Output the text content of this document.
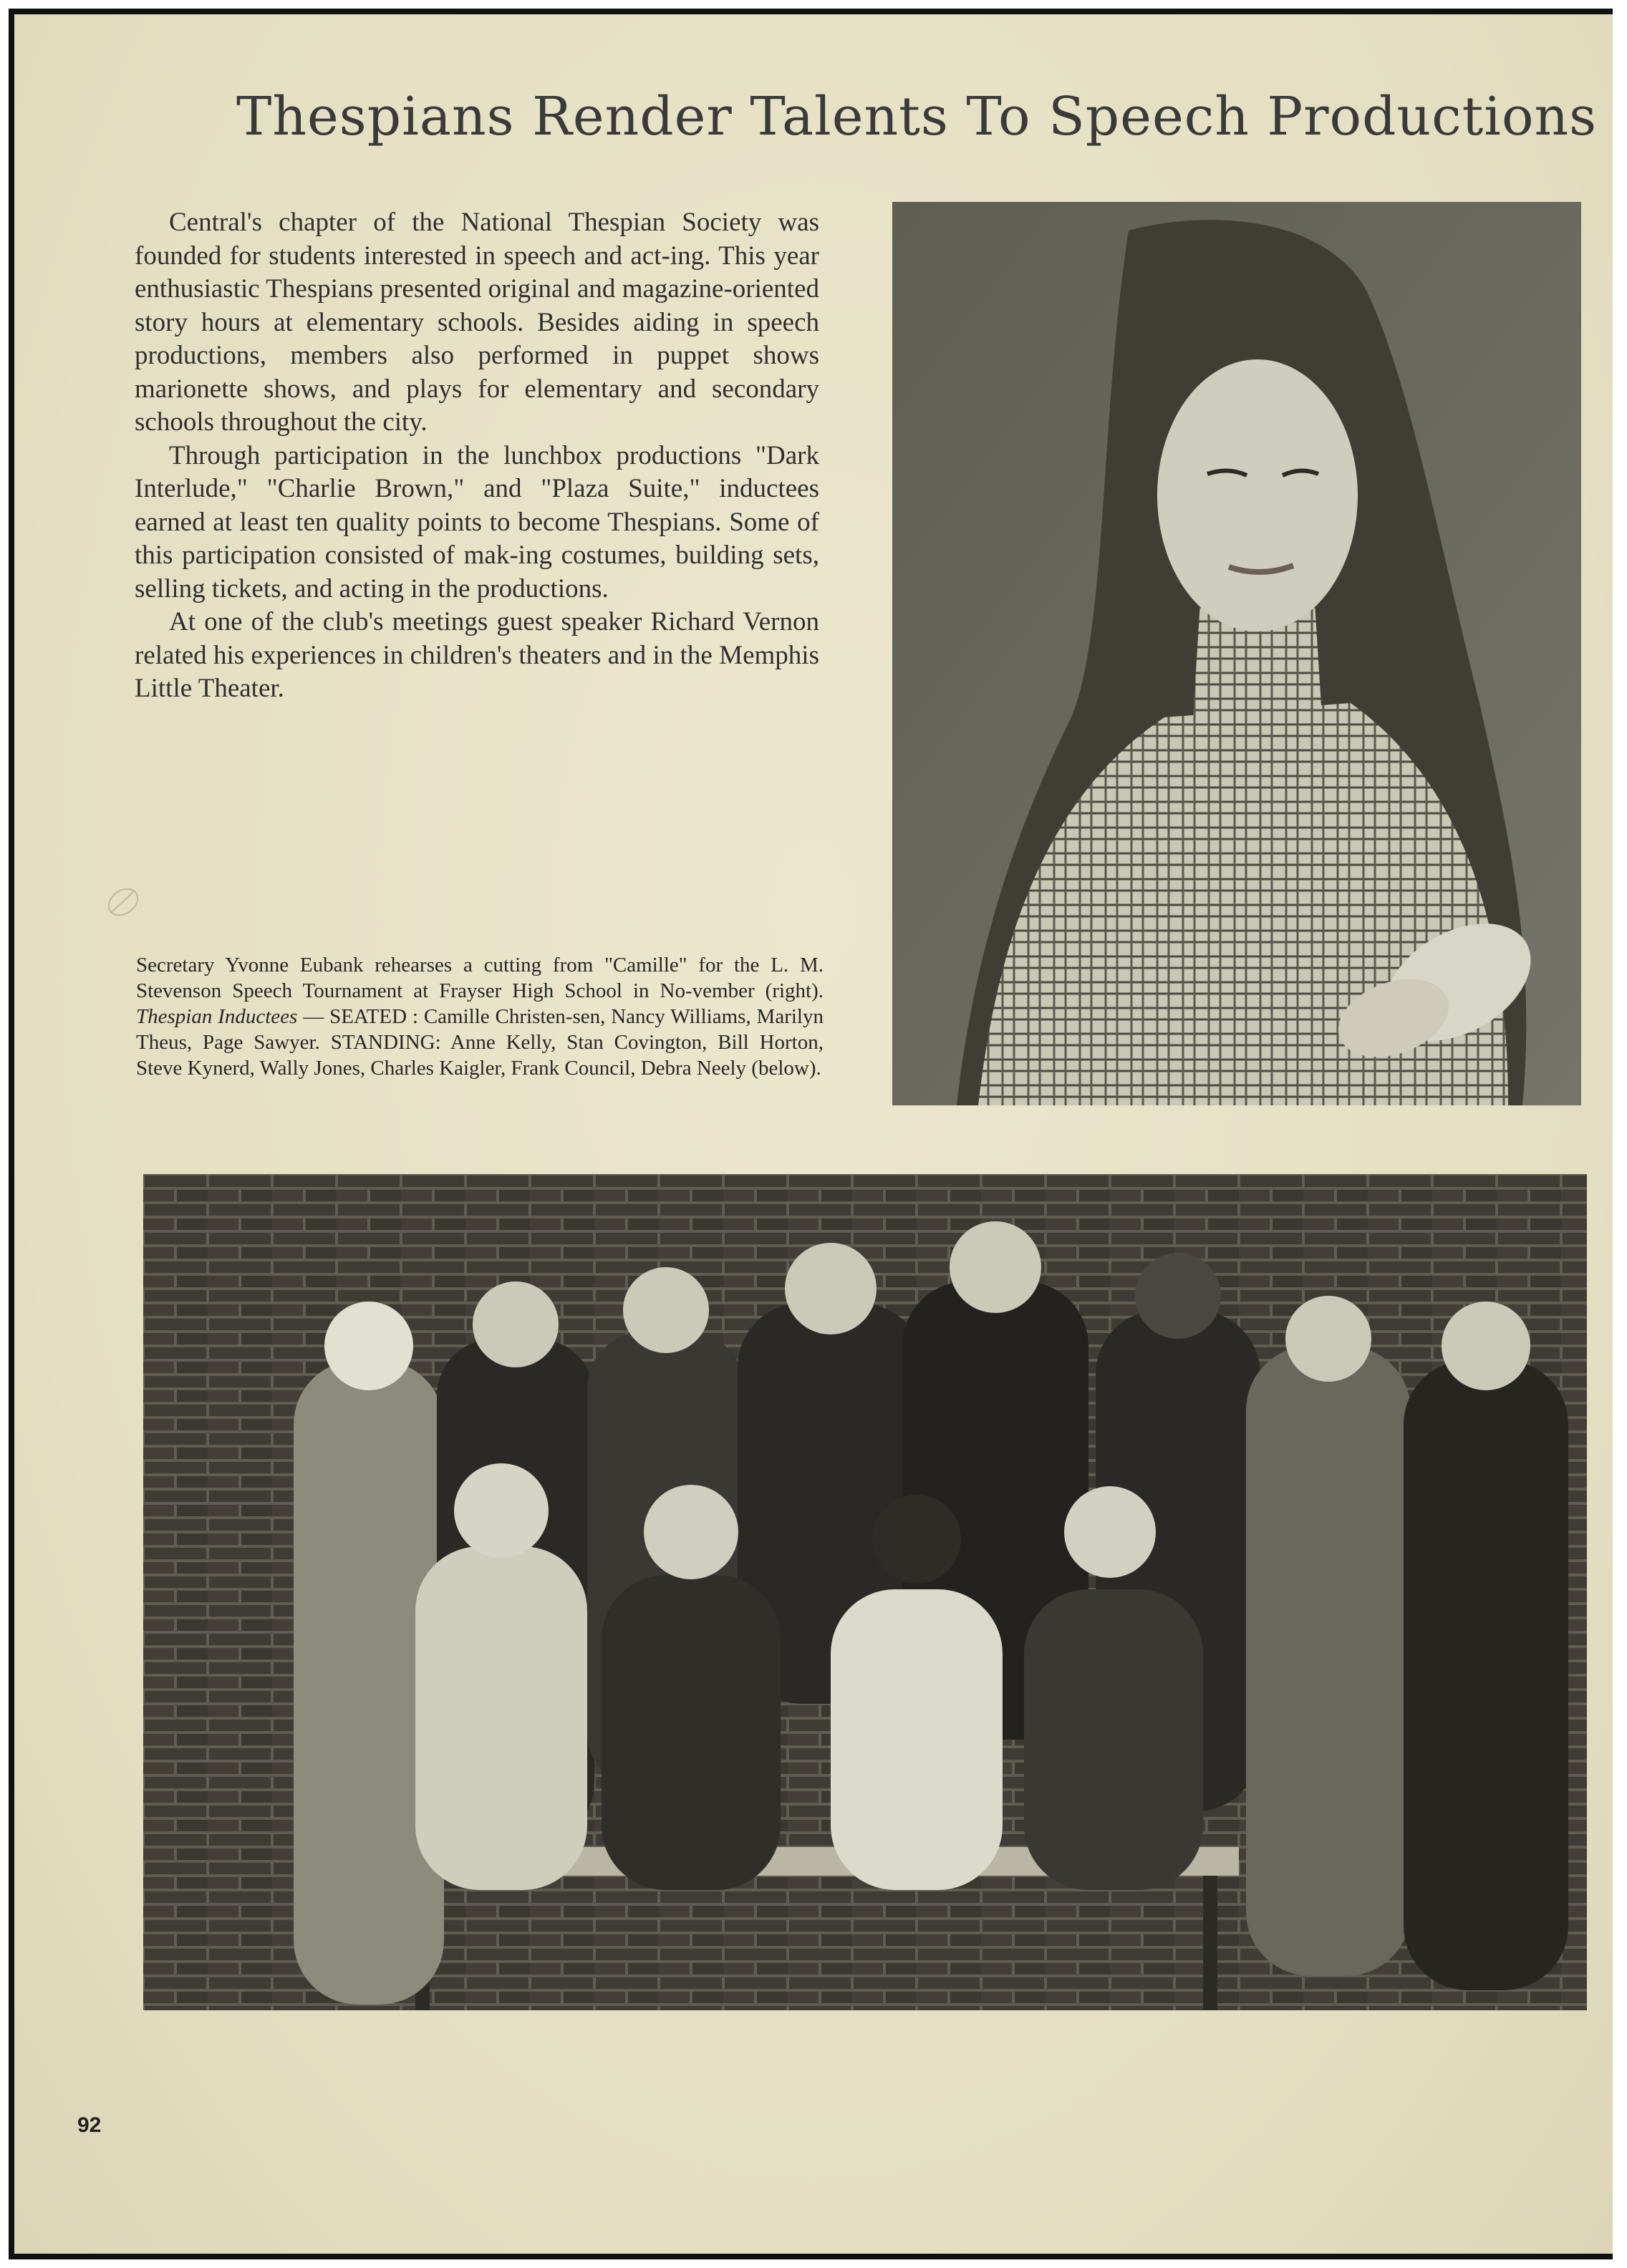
Thespians Render Talents To Speech Productions

Central's chapter of the National Thespian Society was founded for students interested in speech and act-ing. This year enthusiastic Thespians presented original and magazine-oriented story hours at elementary schools. Besides aiding in speech productions, members also performed in puppet shows marionette shows, and plays for elementary and secondary schools throughout the city.

Through participation in the lunchbox productions "Dark Interlude," "Charlie Brown," and "Plaza Suite," inductees earned at least ten quality points to become Thespians. Some of this participation consisted of mak-ing costumes, building sets, selling tickets, and acting in the productions.

At one of the club's meetings guest speaker Richard Vernon related his experiences in children's theaters and in the Memphis Little Theater.

Secretary Yvonne Eubank rehearses a cutting from "Camille" for the L. M. Stevenson Speech Tournament at Frayser High School in No-vember (right). Thespian Inductees — SEATED : Camille Christen-sen, Nancy Williams, Marilyn Theus, Page Sawyer. STANDING: Anne Kelly, Stan Covington, Bill Horton, Steve Kynerd, Wally Jones, Charles Kaigler, Frank Council, Debra Neely (below).
92
